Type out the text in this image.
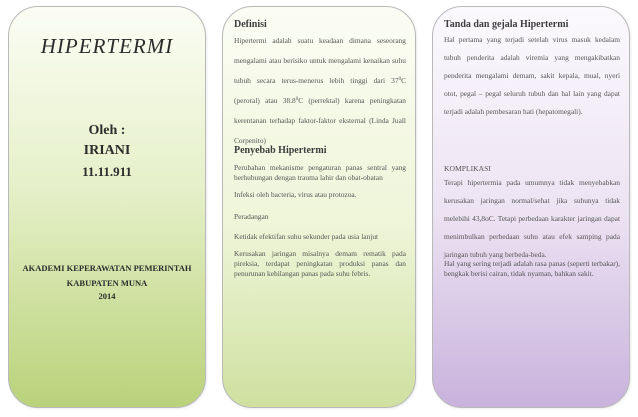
HIPERTERMI
Oleh :
IRIANI
11.11.911
AKADEMI KEPERAWATAN PEMERINTAH
KABUPATEN MUNA
2014
Definisi
Hipertermi adalah suatu keadaan dimana seseorang mengalami atau berisiko untuk mengalami kenaikan suhu tubuh secara terus-menerus lebih tinggi dari $37^0C$ (peroral) atau 38.8$^0$C (perrektal) karena peningkatan kerentanan terhadap faktor-faktor eksternal (Linda Juall Corpenito)
Penyebab Hipertermi
Perubahan mekanisme pengaturan panas sentral yang berhubungan dengan trauma lahir dan obat-obatan
Infeksi oleh bacteria, virus atau protozoa.
Peradangan
Ketidak efektifan suhu sekunder pada usia lanjut
Kerusakan jaringan misalnya demam rematik pada pireksia, terdapat peningkatan produksi panas dan penurunan kehilangan panas pada suhu febris.
Tanda dan gejala Hipertermi
Hal pertama yang terjadi setelah virus masuk kedalam tubuh penderita adalah viremia yang mengakibatkan penderita mengalami demam, sakit kepala, mual, nyeri otot, pegal – pegal seluruh tubuh dan hal lain yang dapat terjadi adalah pembesaran hati (hepatomegali).
KOMPLIKASI
Terapi hipertermia pada umumnya tidak menyebabkan kerusakan jaringan normal/sehat jika suhunya tidak melebihi 43,8oC. Tetapi perbedaan karakter jaringan dapat menimbulkan perbedaan suhu atau efek samping pada jaringan tubuh yang berbeda-beda.
Hal yang sering terjadi adalah rasa panas (seperti terbakar), bengkak berisi cairan, tidak nyaman, bahkan sakit.
